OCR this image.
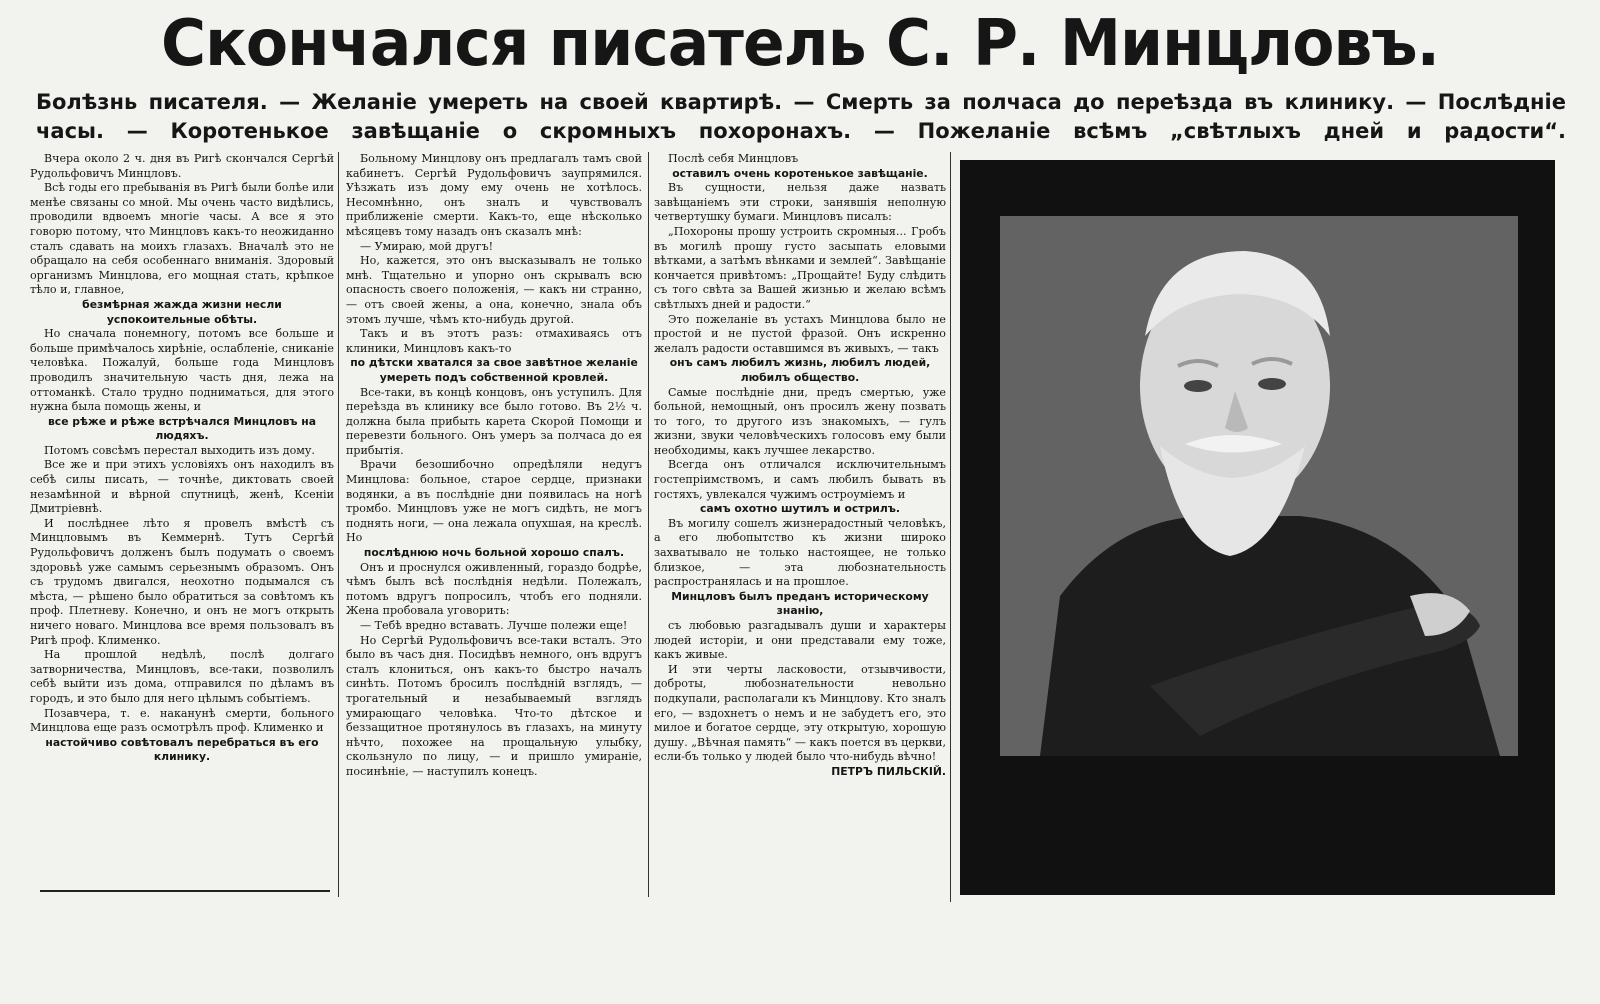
Скончался писатель С. Р. Минцловъ.

Болѣзнь писателя. — Желаніе умереть на своей квартирѣ. — Смерть за полчаса до переѣзда въ клинику. — Послѣдніе часы. — Коротенькое завѣщаніе о скромныхъ похоронахъ. — Пожеланіе всѣмъ „свѣтлыхъ дней и радости“.

Вчера около 2 ч. дня въ Ригѣ скончался Сергѣй Рудольфовичъ Минцловъ.

Всѣ годы его пребыванія въ Ригѣ были болѣе или менѣе связаны со мной. Мы очень часто видѣлись, проводили вдвоемъ многіе часы. А все я это говорю потому, что Минцловъ какъ-то неожиданно сталъ сдавать на моихъ глазахъ. Вначалѣ это не обращало на себя особеннаго вниманія. Здоровый организмъ Минцлова, его мощная стать, крѣпкое тѣло и, главное,

безмѣрная жажда жизни несли успокоительные обѣты.

Но сначала понемногу, потомъ все больше и больше примѣчалось хирѣніе, ослабленіе, сниканіе человѣка. Пожалуй, больше года Минцловъ проводилъ значительную часть дня, лежа на оттоманкѣ. Стало трудно подниматься, для этого нужна была помощь жены, и

все рѣже и рѣже встрѣчался Минцловъ на людяхъ.

Потомъ совсѣмъ перестал выходить изъ дому.

Все же и при этихъ условіяхъ онъ находилъ въ себѣ силы писать, — точнѣе, диктовать своей незамѣнной и вѣрной спутницѣ, женѣ, Ксеніи Дмитріевнѣ.

И послѣднее лѣто я провелъ вмѣстѣ съ Минцловымъ въ Кеммернѣ. Тутъ Сергѣй Рудольфовичъ долженъ былъ подумать о своемъ здоровьѣ уже самымъ серьезнымъ образомъ. Онъ съ трудомъ двигался, неохотно подымался съ мѣста, — рѣшено было обратиться за совѣтомъ къ проф. Плетневу. Конечно, и онъ не могъ открыть ничего новаго. Минцлова все время пользовалъ въ Ригѣ проф. Клименко.

На прошлой недѣлѣ, послѣ долгаго затворничества, Минцловъ, все-таки, позволилъ себѣ выйти изъ дома, отправился по дѣламъ въ городъ, и это было для него цѣлымъ событіемъ.

Позавчера, т. е. наканунѣ смерти, больного Минцлова еще разъ осмотрѣлъ проф. Клименко и

настойчиво совѣтовалъ перебраться въ его клинику.

Больному Минцлову онъ предлагалъ тамъ свой кабинетъ. Сергѣй Рудольфовичъ заупрямился. Уѣзжать изъ дому ему очень не хотѣлось. Несомнѣнно, онъ зналъ и чувствовалъ приближеніе смерти. Какъ-то, еще нѣсколько мѣсяцевъ тому назадъ онъ сказалъ мнѣ:

— Умираю, мой другъ!

Но, кажется, это онъ высказывалъ не только мнѣ. Тщательно и упорно онъ скрывалъ всю опасность своего положенія, — какъ ни странно, — отъ своей жены, а она, конечно, знала объ этомъ лучше, чѣмъ кто-нибудь другой.

Такъ и въ этотъ разъ: отмахиваясь отъ клиники, Минцловъ какъ-то

по дѣтски хватался за свое завѣтное желаніе умереть подъ собственной кровлей.

Все-таки, въ концѣ концовъ, онъ уступилъ. Для переѣзда въ клинику все было готово. Въ 2½ ч. должна была прибыть карета Скорой Помощи и перевезти больного. Онъ умеръ за полчаса до ея прибытія.

Врачи безошибочно опредѣляли недугъ Минцлова: больное, старое сердце, признаки водянки, а въ послѣдніе дни появилась на ногѣ тромбо. Минцловъ уже не могъ сидѣть, не могъ поднять ноги, — она лежала опухшая, на креслѣ. Но

послѣднюю ночь больной хорошо спалъ.

Онъ и проснулся оживленный, гораздо бодрѣе, чѣмъ былъ всѣ послѣднія недѣли. Полежалъ, потомъ вдругъ попросилъ, чтобъ его подняли. Жена пробовала уговорить:

— Тебѣ вредно вставать. Лучше полежи еще!

Но Сергѣй Рудольфовичъ все-таки всталъ. Это было въ часъ дня. Посидѣвъ немного, онъ вдругъ сталъ клониться, онъ какъ-то быстро началъ синѣть. Потомъ бросилъ послѣдній взглядъ, — трогательный и незабываемый взглядъ умирающаго человѣка. Что-то дѣтское и беззащитное протянулось въ глазахъ, на минуту нѣчто, похожее на прощальную улыбку, скользнуло по лицу, — и пришло умираніе, посинѣніе, — наступилъ конецъ.

Послѣ себя Минцловъ

оставилъ очень коротенькое завѣщаніе.

Въ сущности, нельзя даже назвать завѣщаніемъ эти строки, занявшія неполную четвертушку бумаги. Минцловъ писалъ:

„Похороны прошу устроить скромныя... Гробъ въ могилѣ прошу густо засыпать еловыми вѣтками, а затѣмъ вѣнками и землей“. Завѣщаніе кончается привѣтомъ: „Прощайте! Буду слѣдить съ того свѣта за Вашей жизнью и желаю всѣмъ свѣтлыхъ дней и радости.“

Это пожеланіе въ устахъ Минцлова было не простой и не пустой фразой. Онъ искренно желалъ радости оставшимся въ живыхъ, — такъ

онъ самъ любилъ жизнь, любилъ людей, любилъ общество.

Самые послѣдніе дни, предъ смертью, уже больной, немощный, онъ просилъ жену позвать то того, то другого изъ знакомыхъ, — гулъ жизни, звуки человѣческихъ голосовъ ему были необходимы, какъ лучшее лекарство.

Всегда онъ отличался исключительнымъ гостепріимствомъ, и самъ любилъ бывать въ гостяхъ, увлекался чужимъ остроуміемъ и

самъ охотно шутилъ и острилъ.

Въ могилу сошелъ жизнерадостный человѣкъ, а его любопытство къ жизни широко захватывало не только настоящее, не только близкое, — эта любознательность распространялась и на прошлое.

Минцловъ былъ преданъ историческому знанію,

съ любовью разгадывалъ души и характеры людей исторіи, и они представали ему тоже, какъ живые.

И эти черты ласковости, отзывчивости, доброты, любознательности невольно подкупали, располагали къ Минцлову. Кто зналъ его, — вздохнетъ о немъ и не забудетъ его, это милое и богатое сердце, эту открытую, хорошую душу. „Вѣчная память“ — какъ поется въ церкви, если-бъ только у людей было что-нибудь вѣчно!

ПЕТРЪ ПИЛЬСКІЙ.
